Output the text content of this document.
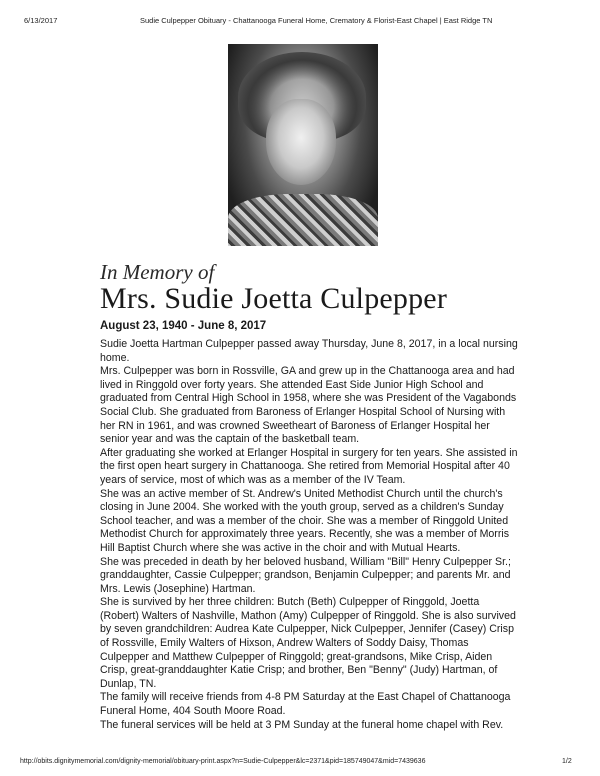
6/13/2017	Sudie Culpepper Obituary - Chattanooga Funeral Home, Crematory & Florist-East Chapel | East Ridge TN
In Memory of
Mrs. Sudie Joetta Culpepper
August 23, 1940 - June 8, 2017

Sudie Joetta Hartman Culpepper passed away Thursday, June 8, 2017, in a local nursing home.

Mrs. Culpepper was born in Rossville, GA and grew up in the Chattanooga area and had lived in Ringgold over forty years. She attended East Side Junior High School and graduated from Central High School in 1958, where she was President of the Vagabonds Social Club. She graduated from Baroness of Erlanger Hospital School of Nursing with her RN in 1961, and was crowned Sweetheart of Baroness of Erlanger Hospital her senior year and was the captain of the basketball team.

After graduating she worked at Erlanger Hospital in surgery for ten years. She assisted in the first open heart surgery in Chattanooga. She retired from Memorial Hospital after 40 years of service, most of which was as a member of the IV Team.

She was an active member of St. Andrew's United Methodist Church until the church's closing in June 2004. She worked with the youth group, served as a children's Sunday School teacher, and was a member of the choir. She was a member of Ringgold United Methodist Church for approximately three years. Recently, she was a member of Morris Hill Baptist Church where she was active in the choir and with Mutual Hearts.

She was preceded in death by her beloved husband, William "Bill" Henry Culpepper Sr.; granddaughter, Cassie Culpepper; grandson, Benjamin Culpepper; and parents Mr. and Mrs. Lewis (Josephine) Hartman.

She is survived by her three children: Butch (Beth) Culpepper of Ringgold, Joetta (Robert) Walters of Nashville, Mathon (Amy) Culpepper of Ringgold. She is also survived by seven grandchildren: Audrea Kate Culpepper, Nick Culpepper, Jennifer (Casey) Crisp of Rossville, Emily Walters of Hixson, Andrew Walters of Soddy Daisy, Thomas Culpepper and Matthew Culpepper of Ringgold; great-grandsons, Mike Crisp, Aiden Crisp, great-granddaughter Katie Crisp; and brother, Ben "Benny" (Judy) Hartman, of Dunlap, TN.

The family will receive friends from 4-8 PM Saturday at the East Chapel of Chattanooga Funeral Home, 404 South Moore Road.

The funeral services will be held at 3 PM Sunday at the funeral home chapel with Rev.

http://obits.dignitymemorial.com/dignity-memorial/obituary-print.aspx?n=Sudie-Culpepper&lc=2371&pid=185749047&mid=7439636	1/2
